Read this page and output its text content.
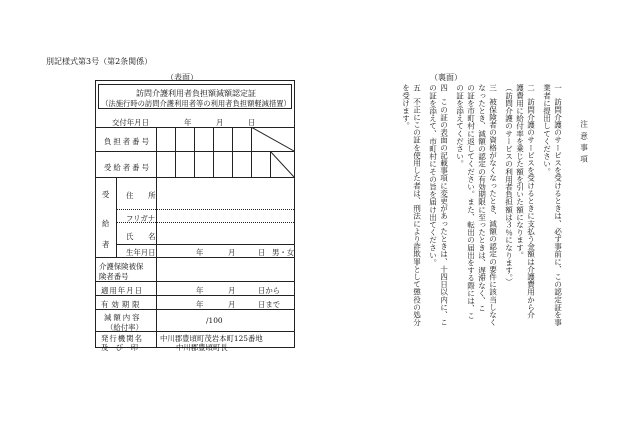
別記様式第3号（第2条関係）
（表面）	（裏面）
訪問介護利用者負担額減額認定証
（法施行時の訪問介護利用者等の利用者負担額軽減措置）
交付年月日	年	月	日
負担者番号
受給者番号
受
給
者
住　　所
フリガナ
氏　　名
生年月日	年	月	日 男・女
介護保険被保
険者番号
適用年月日	年	月	日から
有効期限	年	月	日まで
減額内容
（給付率）
/100
発行機関名
及　び　印
中川郡豊頃町茂岩本町125番地
中川郡豊頃町長
注意事項
一
訪問介護のサービスを受けるときは、必ず事前に、この認定証を事
業者に提出してください。
二
訪問介護のサービスを受けるときに支払う金額は介護費用から介
護費用に給付率を乗じた額を引いた額になります。
（訪問介護のサービスの利用者負担額は３％になります。）
三
被保険者の資格がなくなったとき、減額の認定の要件に該当しなく
なったとき、減額の認定の有効期限に至ったときは、遅滞なく、こ
の証を市町村に返してください。また、転出の届出をする際には、こ
の証を添えてください。
四
この証の表面の記載事項に変更があったときは、十四日以内に、こ
の証を添えて、市町村にその旨を届け出てください。
五
不正にこの証を使用した者は、刑法により詐欺罪として懲役の処分
を受けます。
